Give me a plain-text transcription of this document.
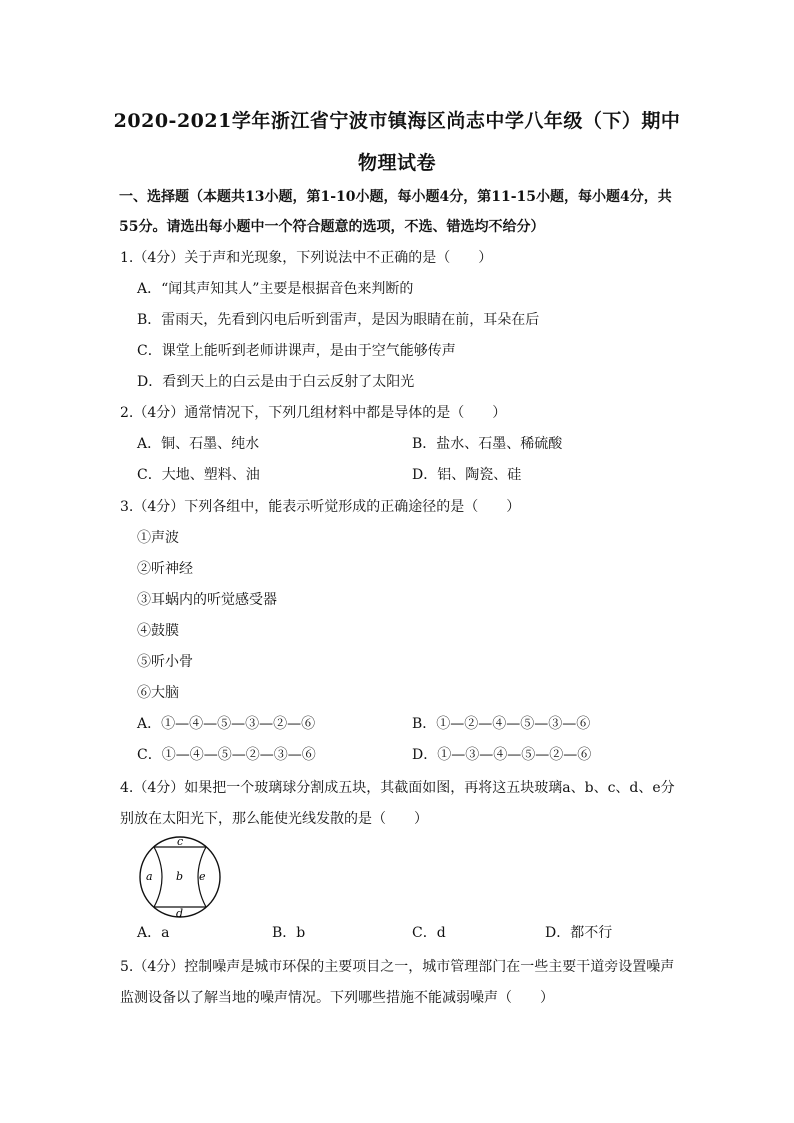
2020-2021学年浙江省宁波市镇海区尚志中学八年级（下）期中
物理试卷
一、选择题（本题共13小题，第1-10小题，每小题4分，第11-15小题，每小题4分，共
55分。请选出每小题中一个符合题意的选项，不选、错选均不给分）
1.（4分）关于声和光现象，下列说法中不正确的是（　　）
A．“闻其声知其人”主要是根据音色来判断的
B．雷雨天，先看到闪电后听到雷声，是因为眼睛在前，耳朵在后
C．课堂上能听到老师讲课声，是由于空气能够传声
D．看到天上的白云是由于白云反射了太阳光
2.（4分）通常情况下，下列几组材料中都是导体的是（　　）
A．铜、石墨、纯水	B．盐水、石墨、稀硫酸
C．大地、塑料、油	D．铝、陶瓷、硅
3.（4分）下列各组中，能表示听觉形成的正确途径的是（　　）
①声波
②听神经
③耳蜗内的听觉感受器
④鼓膜
⑤听小骨
⑥大脑
A．①—④—⑤—③—②—⑥	B．①—②—④—⑤—③—⑥
C．①—④—⑤—②—③—⑥	D．①—③—④—⑤—②—⑥
4.（4分）如果把一个玻璃球分割成五块，其截面如图，再将这五块玻璃a、b、c、d、e分
别放在太阳光下，那么能使光线发散的是（　　）
a b
c
d
e
A．a	B．b	C．d	D．都不行
5.（4分）控制噪声是城市环保的主要项目之一，城市管理部门在一些主要干道旁设置噪声
监测设备以了解当地的噪声情况。下列哪些措施不能减弱噪声（　　）
